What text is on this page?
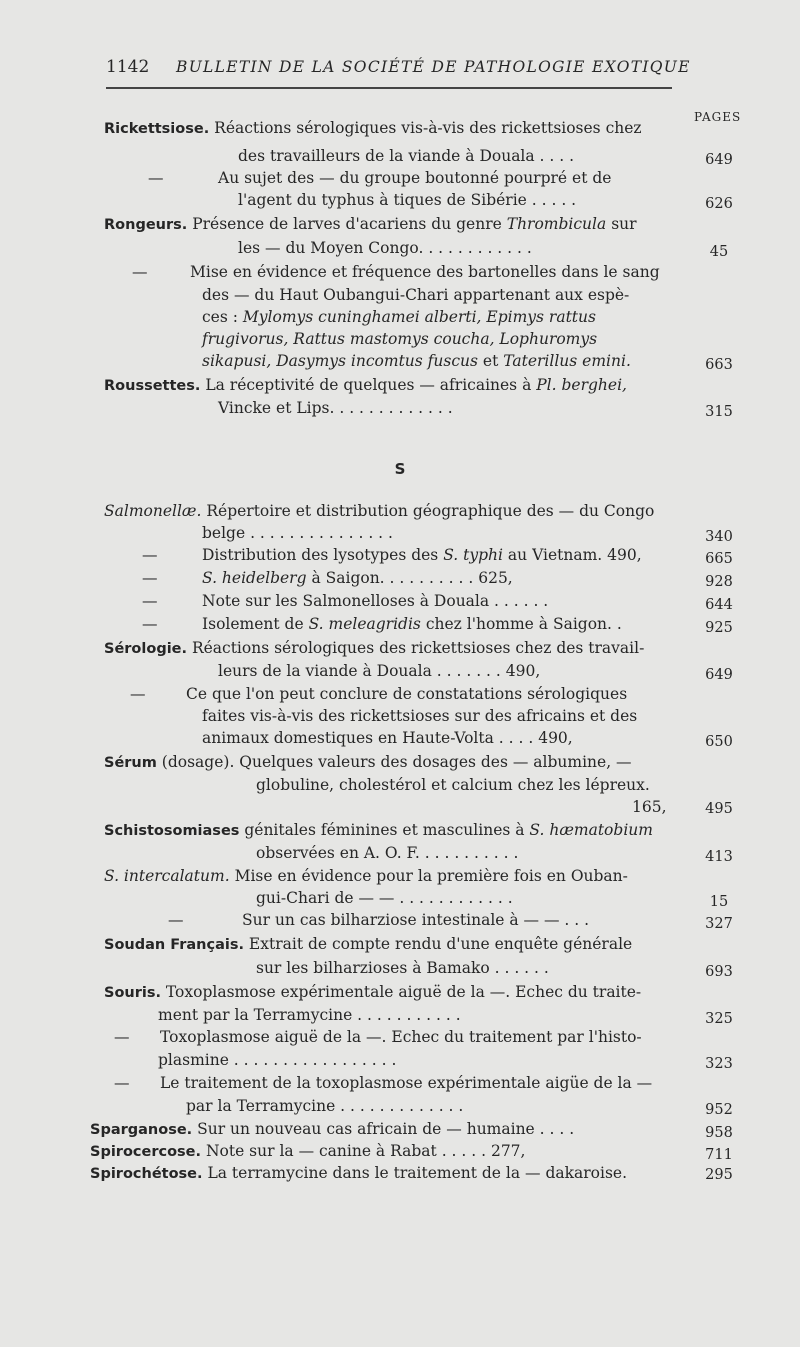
1142 BULLETIN DE LA SOCIÉTÉ DE PATHOLOGIE EXOTIQUE
PAGES
Rickettsiose. Réactions sérologiques vis-à-vis des rickettsioses chez
des travailleurs de la viande à Douala . . . .	649
—	Au sujet des — du groupe boutonné pourpré et de
l'agent du typhus à tiques de Sibérie . . . . .	626
Rongeurs. Présence de larves d'acariens du genre Thrombicula sur
les — du Moyen Congo. . . . . . . . . . . .	45
—	Mise en évidence et fréquence des bartonelles dans le sang
des — du Haut Oubangui-Chari appartenant aux espè-
ces : Mylomys cuninghamei alberti, Epimys rattus
frugivorus, Rattus mastomys coucha, Lophuromys
sikapusi, Dasymys incomtus fuscus et Taterillus emini.	663
Roussettes. La réceptivité de quelques — africaines à Pl. berghei,
Vincke et Lips. . . . . . . . . . . . .	315
S
Salmonellæ. Répertoire et distribution géographique des — du Congo
belge . . . . . . . . . . . . . . .	340
—	Distribution des lysotypes des S. typhi au Vietnam. 490,	665
—	S. heidelberg à Saigon. . . . . . . . . . 625,	928
—	Note sur les Salmonelloses à Douala . . . . . .	644
—	Isolement de S. meleagridis chez l'homme à Saigon. .	925
Sérologie. Réactions sérologiques des rickettsioses chez des travail-
leurs de la viande à Douala . . . . . . . 490,	649
—	Ce que l'on peut conclure de constatations sérologiques
faites vis-à-vis des rickettsioses sur des africains et des
animaux domestiques en Haute-Volta . . . . 490,	650
Sérum (dosage). Quelques valeurs des dosages des — albumine, —
globuline, cholestérol et calcium chez les lépreux.
165,	495
Schistosomiases génitales féminines et masculines à S. hæmatobium
observées en A. O. F. . . . . . . . . . .	413
S. intercalatum. Mise en évidence pour la première fois en Ouban-
gui-Chari de — — . . . . . . . . . . . .	15
—	Sur un cas bilharziose intestinale à — — . . .	327
Soudan Français. Extrait de compte rendu d'une enquête générale
sur les bilharzioses à Bamako . . . . . .	693
Souris. Toxoplasmose expérimentale aiguë de la —. Echec du traite-
ment par la Terramycine . . . . . . . . . . .	325
— Toxoplasmose aiguë de la —. Echec du traitement par l'histo-
plasmine . . . . . . . . . . . . . . . . .	323
— Le traitement de la toxoplasmose expérimentale aigüe de la —
par la Terramycine . . . . . . . . . . . . .	952
Sparganose. Sur un nouveau cas africain de — humaine . . . .	958
Spirocercose. Note sur la — canine à Rabat . . . . . 277,	711
Spirochétose. La terramycine dans le traitement de la — dakaroise.	295
